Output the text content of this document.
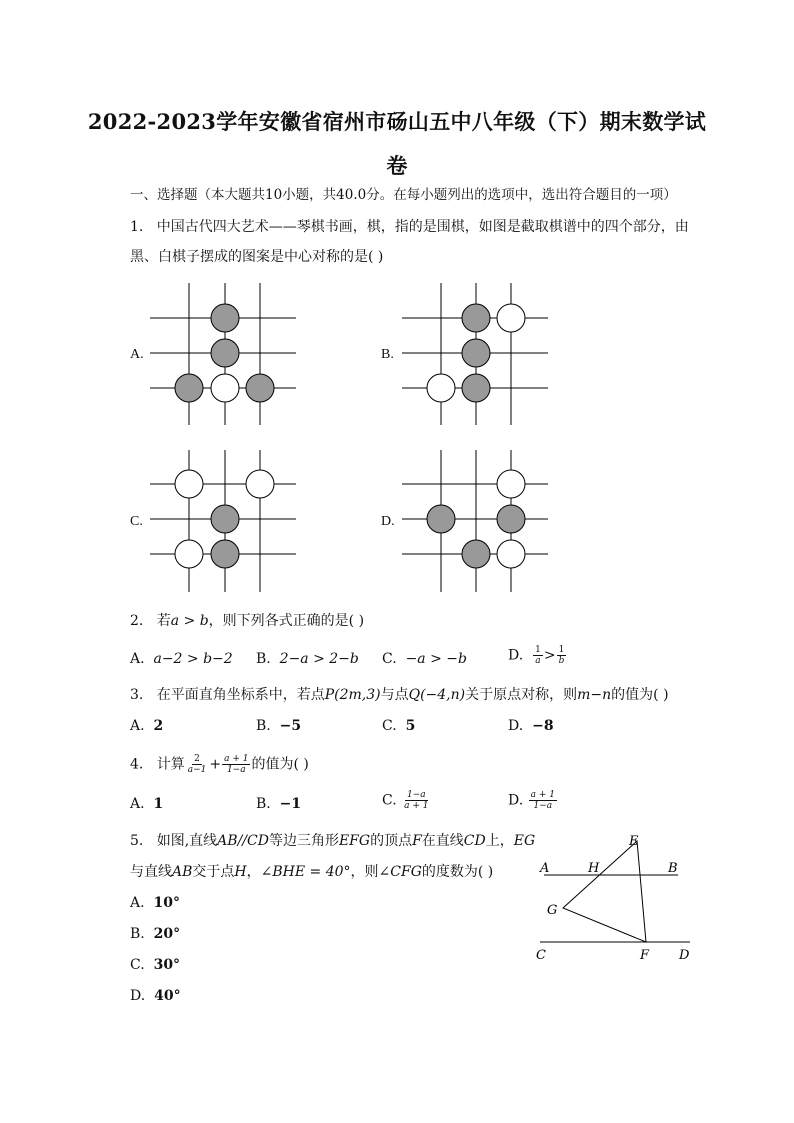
2022-2023学年安徽省宿州市砀山五中八年级（下）期末数学试
卷
一、选择题（本大题共10小题，共40.0分。在每小题列出的选项中，选出符合题目的一项）
1. 中国古代四大艺术——琴棋书画，棋，指的是围棋，如图是截取棋谱中的四个部分，由
黑、白棋子摆成的图案是中心对称的是( )
A.	B.
C.	D.
2. 若a > b，则下列各式正确的是( )
A. a−2 > b−2 B. 2−a > 2−b C. −a > −b	D. $\frac{1}{a} > \frac{1}{b}$
3. 在平面直角坐标系中，若点P(2m,3)与点Q(−4,n)关于原点对称，则m−n的值为( )
A. 2	B. −5	C. 5	D. −8
4. 计算 $\frac{2}{a-1} + \frac{a + 1}{1-a}$ 的值为( )
A. 1	B. −1	C. $\frac{1-a}{a + 1}$	D. $\frac{a + 1}{1-a}$
5. 如图,直线AB//CD等边三角形EFG的顶点F在直线CD上，EG
与直线AB交于点H，∠BHE = 40°，则∠CFG的度数为( )
A. 10°
B. 20°
C. 30°
D. 40°
A	H	B
E
G
C	F D
